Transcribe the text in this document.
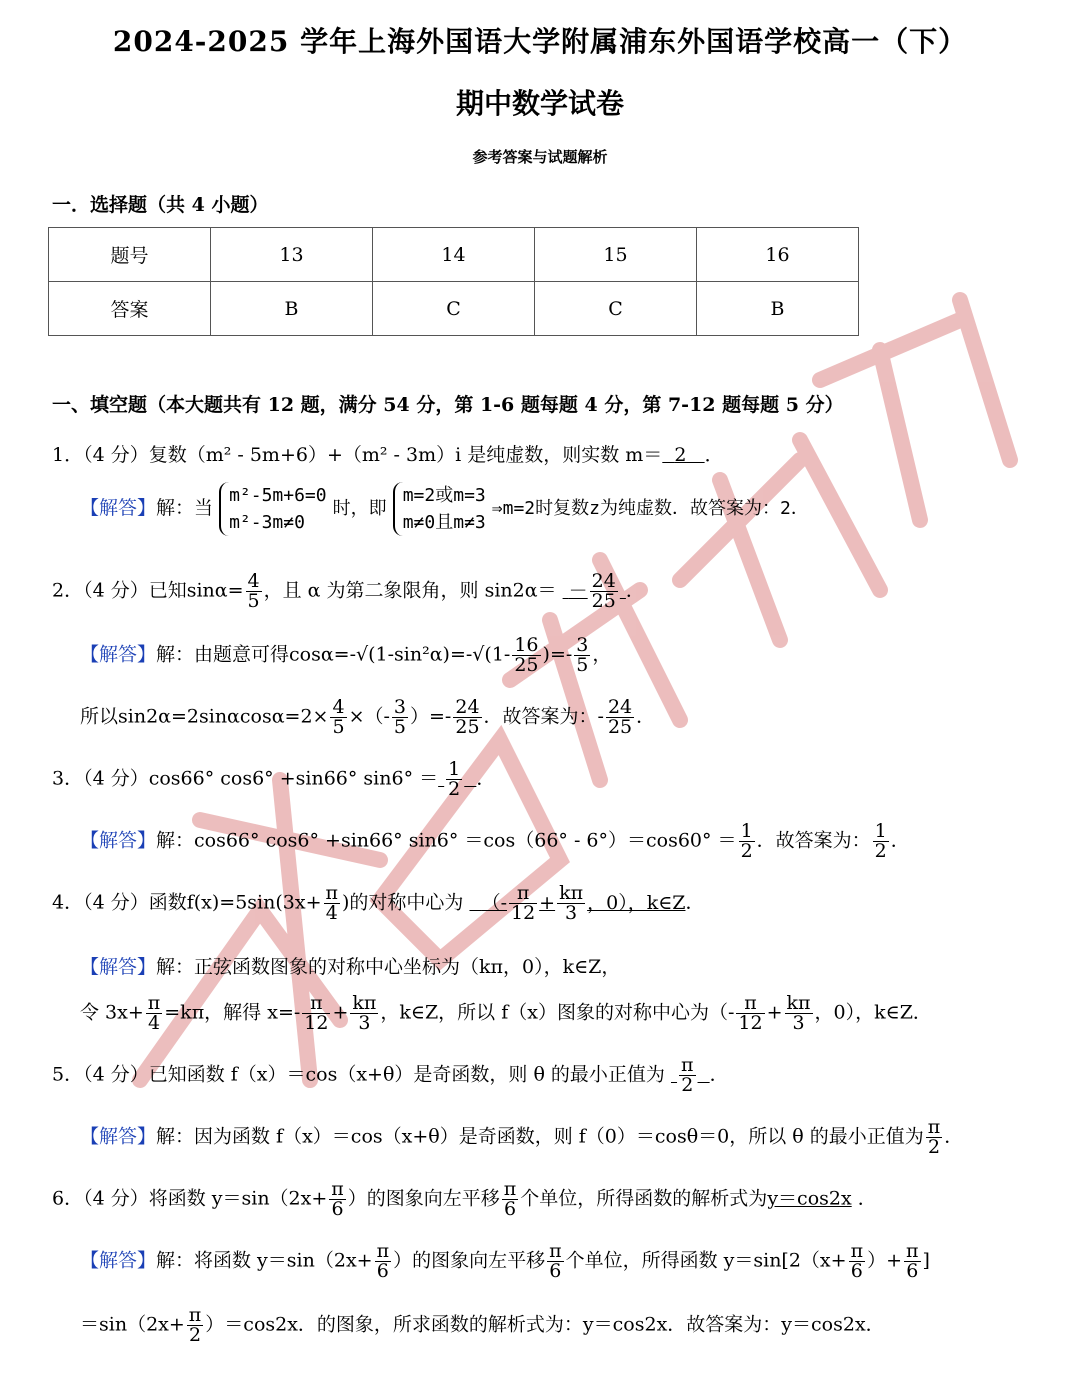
2024-2025 学年上海外国语大学附属浦东外国语学校高一（下）
期中数学试卷
参考答案与试题解析
一．选择题（共 4 小题）
题号	13	14	15	16
答案	B	C	C	B
一、填空题（本大题共有 12 题，满分 54 分，第 1-6 题每题 4 分，第 7-12 题每题 5 分）
1．（4 分）复数（m² - 5m+6）+（m² - 3m）i 是纯虚数，则实数 m＝ 2 ．
【解答】解：当 m²-5m+6=0
m²-3m≠0 时，即 m=2或m=3
m≠0且m≠3 ⇒m=2时复数z为纯虚数．故答案为：2．
2．（4 分）已知$\sin\alpha= \frac{4}{5}$ ，且 α 为第二象限角，则 $\sin 2\alpha= - \frac{24}{25}$ ．
【解答】解：由题意可得$\cos\alpha=-√(1-\sin^2\alpha)=-√(1- \frac{16}{25}$ )=- $\frac{3}{5}$ ，
所以$\sin 2\alpha=2\sin\alpha\cos\alpha=2\times \frac{4}{5}$ ×（- $\frac{3}{5}$ ）=- $\frac{24}{25}$ ．故答案为：- $\frac{24}{25}$ ．
3．（4 分）cos66° cos6° +sin66° $\sin 6^\circ = \frac{1}{2}$ ．
【解答】解：cos66° cos6° +sin66° $\sin 6^\circ =\cos(66^\circ - 6^\circ)=\cos 60^\circ = \frac{1}{2}$ ．故答案为： $\frac{1}{2}$ ．
4．（4 分）函数$f(x)=5\sin(3x+ \frac{\pi}{4}$ )的对称中心为 （- $\frac{\pi}{12} + \frac{k\pi}{3}$ ，0），k∈Z．
【解答】解：正弦函数图象的对称中心坐标为（kπ，0），k∈Z，
令 $3x+ \frac{\pi}{4} =k\pi$，解得 $x=- \frac{\pi}{12} + \frac{k\pi}{3}$ ，k∈Z，所以 f（x）图象的对称中心为（- $\frac{\pi}{12} + \frac{k\pi}{3}$ ，0），k∈Z．
5．（4 分）已知函数 f（x）＝cos（x+θ）是奇函数，则 θ 的最小正值为 $\frac{\pi}{2}$ ．
【解答】解：因为函数 f（x）＝cos（x+θ）是奇函数，则 f（0）＝cosθ＝0，所以 θ 的最小正值为 $\frac{\pi}{2}$ ．
6．（4 分）将函数 $y=\sin(2x+ \frac{\pi}{6}$ ）的图象向左平移 $\frac{\pi}{6}$ 个单位，所得函数的解析式为y＝cos2x ．
【解答】解：将函数 $y=\sin(2x+ \frac{\pi}{6}$ ）的图象向左平移 $\frac{\pi}{6}$ 个单位，所得函数 $y=\sin[2(x+ \frac{\pi}{6}$ ）+ $\frac{\pi}{6}$ ]
$=\sin(2x+ \frac{\pi}{2} )=\cos 2x$．的图象，所求函数的解析式为：y＝cos2x．故答案为：y＝cos2x．
